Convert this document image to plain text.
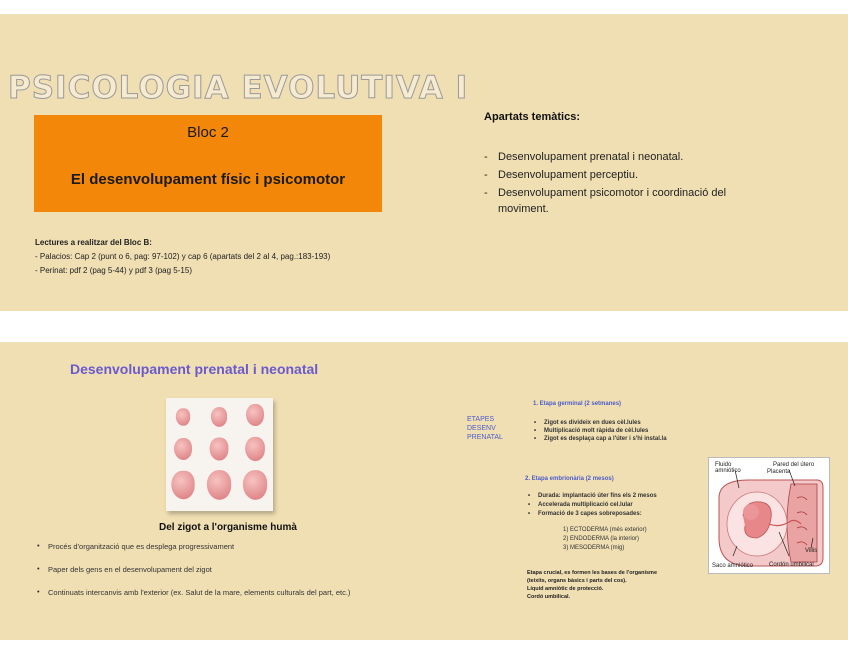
PSICOLOGIA EVOLUTIVA I
Bloc 2
El desenvolupament físic i psicomotor
Lectures a realitzar del Bloc B:
- Palacios: Cap 2 (punt o 6, pag: 97-102) y cap 6 (apartats del 2 al 4, pag.:183-193)
- Perinat: pdf 2 (pag 5-44) y pdf 3 (pag 5-15)
Apartats temàtics:
- Desenvolupament prenatal i neonatal.
- Desenvolupament perceptiu.
- Desenvolupament psicomotor i coordinació del moviment.
Desenvolupament prenatal i neonatal
Del zigot a l'organisme humà
• Procés d'organització que es desplega progressivament
• Paper dels gens en el desenvolupament del zigot
• Continuats intercanvis amb l'exterior (ex. Salut de la mare, elements culturals del part, etc.)
ETAPES
DESENV
PRENATAL
1. Etapa germinal (2 setmanes)
• Zigot es divideix en dues cèl.lules
• Multiplicació molt ràpida de cèl.lules
• Zigot es desplaça cap a l'úter i s'hi instal.la
2. Etapa embrionària (2 mesos)
• Durada: implantació úter fins els 2 mesos
• Accelerada multiplicació cel.lular
• Formació de 3 capes sobreposades:
1) ECTODERMA (més exterior)
2) ENDODERMA (la interior)
3) MESODERMA (mig)
Etapa crucial, es formen les bases de l'organisme
(teixits, organs bàsics i parts del cos).
Líquid amniòtic de protecció.
Cordó umbilical.
Fluido amniótico
Pared del útero
Placenta
Villis
Saco amniótico	Cordón umbilical
